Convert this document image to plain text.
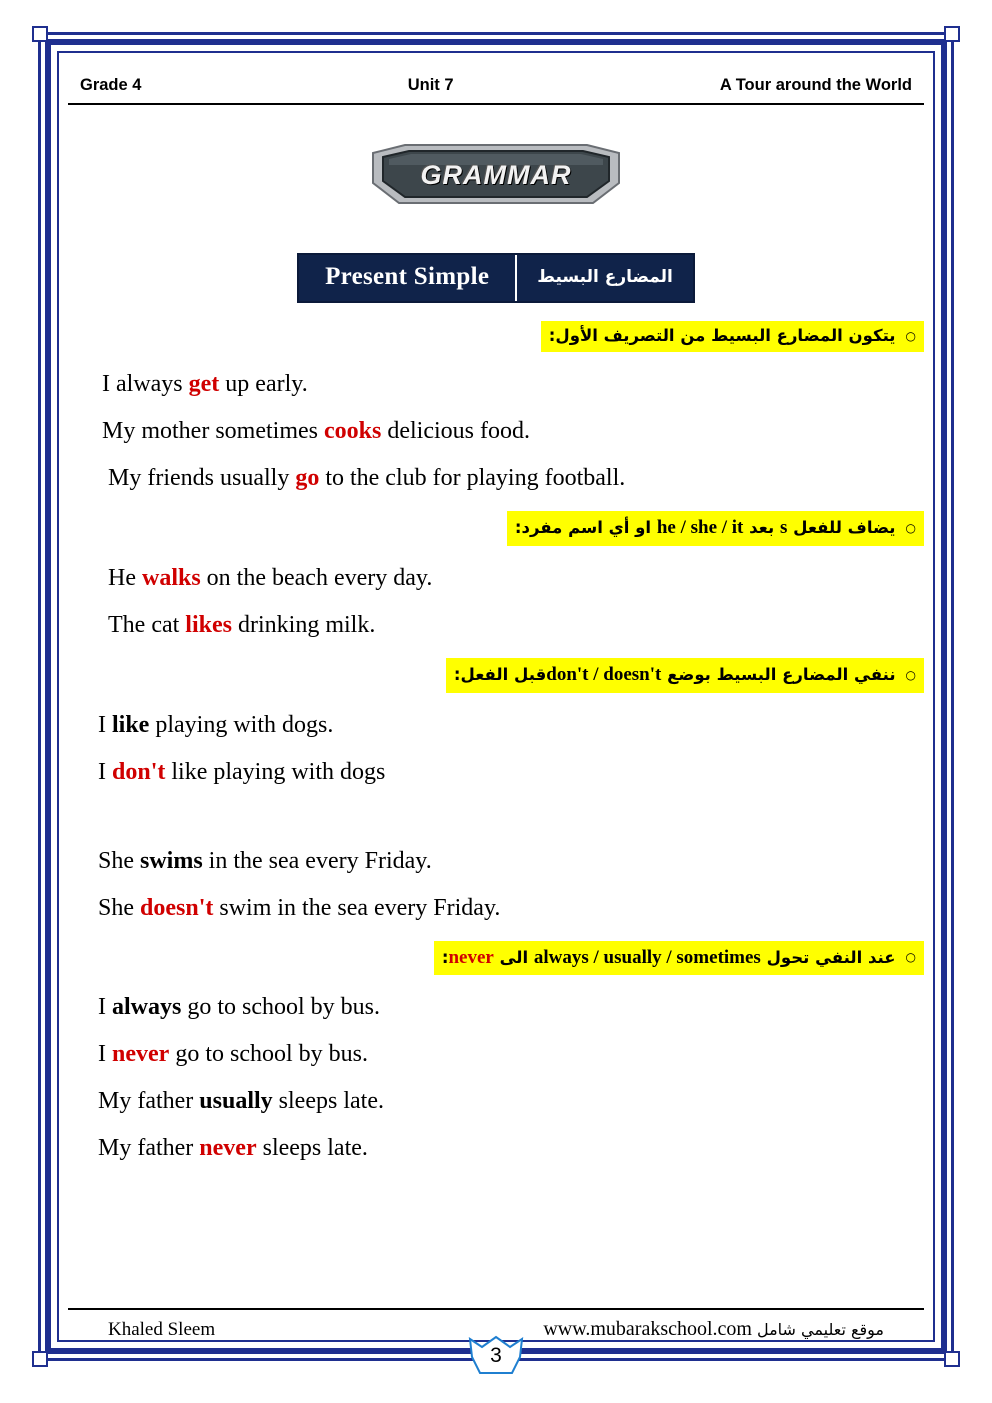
Grade 4	Unit 7	A Tour around the World
GRAMMAR
Present Simple	المضارع البسيط
○
يتكون المضارع البسيط من التصريف الأول:
I always get up early.
My mother sometimes cooks delicious food.
My friends usually go to the club for playing football.
○
يضاف للفعل s بعد he / she / it او أي اسم مفرد:
He walks on the beach every day.
The cat likes drinking milk.
○
ننفي المضارع البسيط بوضع don't / doesn'tقبل الفعل:
I like playing with dogs.
I don't like playing with dogs
She swims in the sea every Friday.
She doesn't swim in the sea every Friday.
○
عند النفي تحول always / usually / sometimes الى never:
I always go to school by bus.
I never go to school by bus.
My father usually sleeps late.
My father never sleeps late.
Khaled Sleem	www.mubarakschool.com موقع تعليمي شامل
3
